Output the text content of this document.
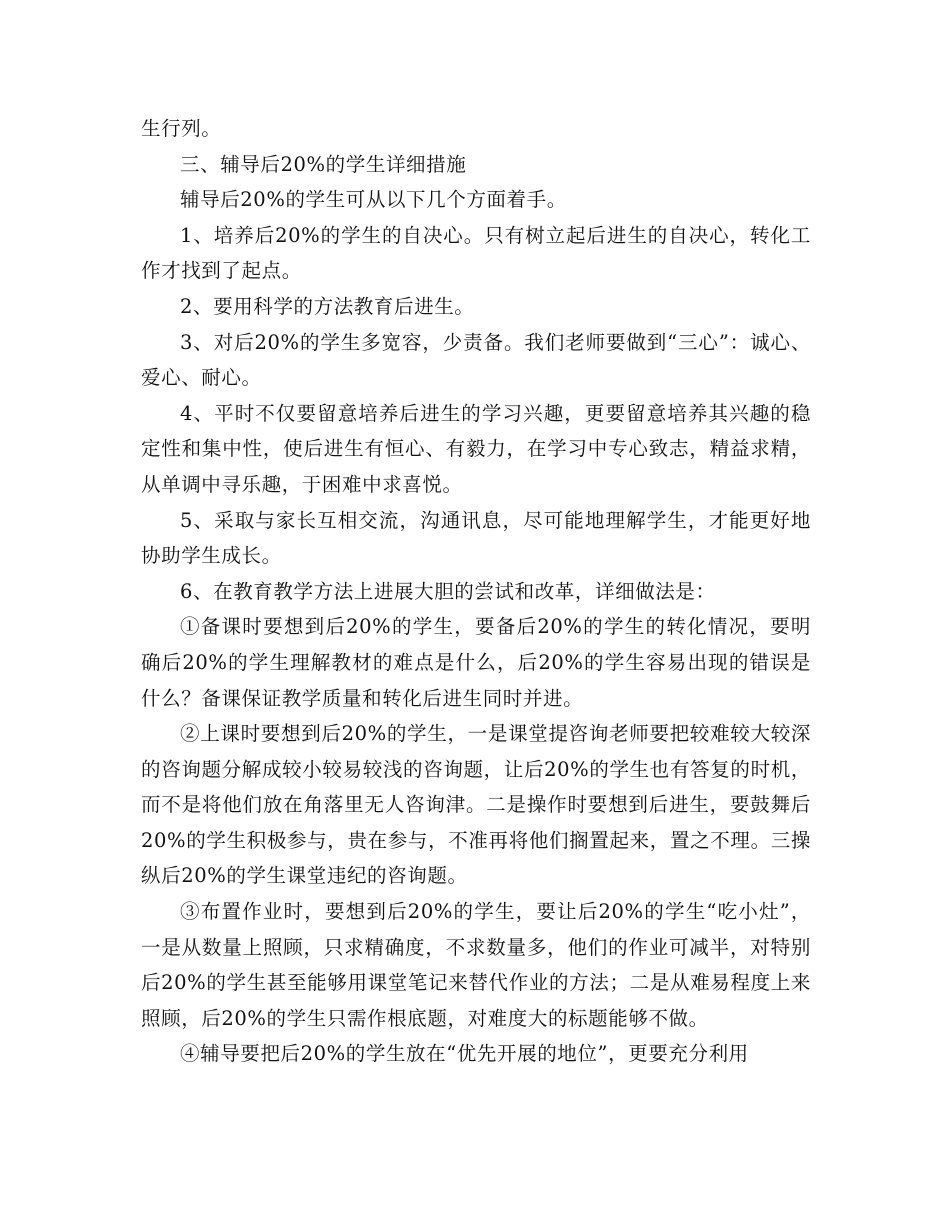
生行列。

三、辅导后20%的学生详细措施

辅导后20%的学生可从以下几个方面着手。

1、培养后20%的学生的自决心。只有树立起后进生的自决心，转化工作才找到了起点。

2、要用科学的方法教育后进生。

3、对后20%的学生多宽容，少责备。我们老师要做到“三心”：诚心、爱心、耐心。

4、平时不仅要留意培养后进生的学习兴趣，更要留意培养其兴趣的稳定性和集中性，使后进生有恒心、有毅力，在学习中专心致志，精益求精，从单调中寻乐趣，于困难中求喜悦。

5、采取与家长互相交流，沟通讯息，尽可能地理解学生，才能更好地协助学生成长。

6、在教育教学方法上进展大胆的尝试和改革，详细做法是：

①备课时要想到后20%的学生，要备后20%的学生的转化情况，要明确后20%的学生理解教材的难点是什么，后20%的学生容易出现的错误是什么？备课保证教学质量和转化后进生同时并进。

②上课时要想到后20%的学生，一是课堂提咨询老师要把较难较大较深的咨询题分解成较小较易较浅的咨询题，让后20%的学生也有答复的时机，而不是将他们放在角落里无人咨询津。二是操作时要想到后进生，要鼓舞后20%的学生积极参与，贵在参与，不准再将他们搁置起来，置之不理。三操纵后20%的学生课堂违纪的咨询题。

③布置作业时，要想到后20%的学生，要让后20%的学生“吃小灶”，一是从数量上照顾，只求精确度，不求数量多，他们的作业可减半，对特别后20%的学生甚至能够用课堂笔记来替代作业的方法；二是从难易程度上来照顾，后20%的学生只需作根底题，对难度大的标题能够不做。

④辅导要把后20%的学生放在“优先开展的地位”，更要充分利用
